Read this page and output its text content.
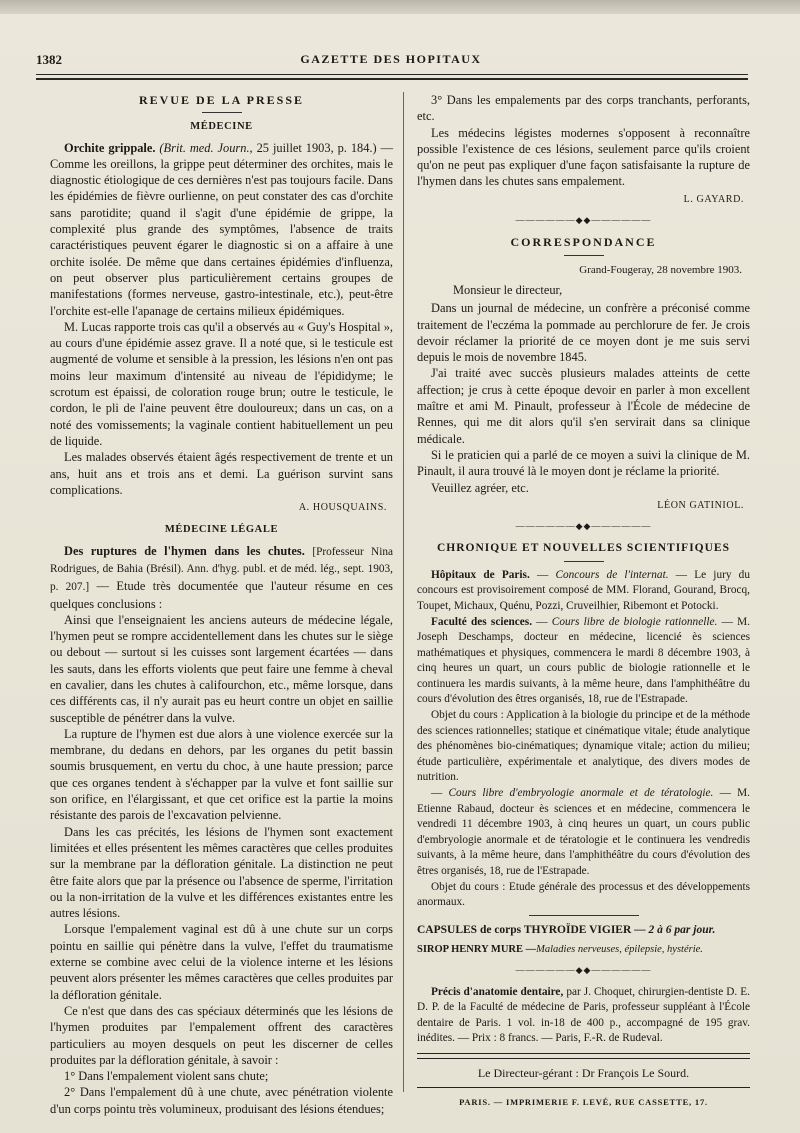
1382	GAZETTE DES HOPITAUX
REVUE DE LA PRESSE
MÉDECINE

Orchite grippale. (Brit. med. Journ., 25 juillet 1903, p. 184.) — Comme les oreillons, la grippe peut déterminer des orchites, mais le diagnostic étiologique de ces dernières n'est pas toujours facile. Dans les épidémies de fièvre ourlienne, on peut constater des cas d'orchite sans parotidite; quand il s'agit d'une épidémie de grippe, la complexité plus grande des symptômes, l'absence de traits caractéristiques peuvent égarer le diagnostic si on a affaire à une orchite isolée. De même que dans certaines épidémies d'influenza, on peut observer plus particulièrement certains groupes de manifestations (formes nerveuse, gastro-intestinale, etc.), peut-être l'orchite est-elle l'apanage de certains milieux épidémiques.

M. Lucas rapporte trois cas qu'il a observés au « Guy's Hospital », au cours d'une épidémie assez grave. Il a noté que, si le testicule est augmenté de volume et sensible à la pression, les lésions n'en ont pas moins leur maximum d'intensité au niveau de l'épididyme; le scrotum est épaissi, de coloration rouge brun; outre le testicule, le cordon, le pli de l'aine peuvent être douloureux; dans un cas, on a noté des vomissements; la vaginale contient habituellement un peu de liquide.

Les malades observés étaient âgés respectivement de trente et un ans, huit ans et trois ans et demi. La guérison survint sans complications.

A. HOUSQUAINS.
MÉDECINE LÉGALE

Des ruptures de l'hymen dans les chutes. [Professeur Nina Rodrigues, de Bahia (Brésil). Ann. d'hyg. publ. et de méd. lég., sept. 1903, p. 207.] — Etude très documentée que l'auteur résume en ces quelques conclusions :

Ainsi que l'enseignaient les anciens auteurs de médecine légale, l'hymen peut se rompre accidentellement dans les chutes sur le siège ou debout — surtout si les cuisses sont largement écartées — dans les sauts, dans les efforts violents que peut faire une femme à cheval en cavalier, dans les chutes à califourchon, etc., même lorsque, dans ces différents cas, il n'y aurait pas eu heurt contre un objet en saillie susceptible de pénétrer dans la vulve.

La rupture de l'hymen est due alors à une violence exercée sur la membrane, du dedans en dehors, par les organes du petit bassin soumis brusquement, en vertu du choc, à une haute pression; parce que ces organes tendent à s'échapper par la vulve et font saillie sur son orifice, en l'élargissant, et que cet orifice est la partie la moins résistante des parois de l'excavation pelvienne.

Dans les cas précités, les lésions de l'hymen sont exactement limitées et elles présentent les mêmes caractères que celles produites sur la membrane par la défloration génitale. La distinction ne peut être faite alors que par la présence ou l'absence de sperme, l'irritation ou la non-irritation de la vulve et les différences existantes entre les autres lésions.

Lorsque l'empalement vaginal est dû à une chute sur un corps pointu en saillie qui pénètre dans la vulve, l'effet du traumatisme externe se combine avec celui de la violence interne et les lésions peuvent alors présenter les mêmes caractères que celles produites par la défloration génitale.

Ce n'est que dans des cas spéciaux déterminés que les lésions de l'hymen produites par l'empalement offrent des caractères particuliers au moyen desquels on peut les discerner de celles produites par la défloration génitale, à savoir :

1° Dans l'empalement violent sans chute;

2° Dans l'empalement dû à une chute, avec pénétration violente d'un corps pointu très volumineux, produisant des lésions étendues;

3° Dans les empalements par des corps tranchants, perforants, etc.

Les médecins légistes modernes s'opposent à reconnaître possible l'existence de ces lésions, seulement parce qu'ils croient qu'on ne peut pas expliquer d'une façon satisfaisante la rupture de l'hymen dans les chutes sans empalement.

L. GAYARD.
——————◆◆——————
CORRESPONDANCE
Grand-Fougeray, 28 novembre 1903.

Monsieur le directeur,

Dans un journal de médecine, un confrère a préconisé comme traitement de l'eczéma la pommade au perchlorure de fer. Je crois devoir réclamer la priorité de ce moyen dont je me suis servi depuis le mois de novembre 1845.

J'ai traité avec succès plusieurs malades atteints de cette affection; je crus à cette époque devoir en parler à mon excellent maître et ami M. Pinault, professeur à l'École de médecine de Rennes, qui me dit alors qu'il s'en servirait dans sa clinique médicale.

Si le praticien qui a parlé de ce moyen a suivi la clinique de M. Pinault, il aura trouvé là le moyen dont je réclame la priorité.

Veuillez agréer, etc.

LÉON GATINIOL.
——————◆◆——————
CHRONIQUE ET NOUVELLES SCIENTIFIQUES

Hôpitaux de Paris. — Concours de l'internat. — Le jury du concours est provisoirement composé de MM. Florand, Gourand, Brocq, Toupet, Michaux, Quénu, Pozzi, Cruveilhier, Ribemont et Potocki.

Faculté des sciences. — Cours libre de biologie rationnelle. — M. Joseph Deschamps, docteur en médecine, licencié ès sciences mathématiques et physiques, commencera le mardi 8 décembre 1903, à cinq heures un quart, un cours public de biologie rationnelle et le continuera les mardis suivants, à la même heure, dans l'amphithéâtre du cours d'évolution des êtres organisés, 18, rue de l'Estrapade.

Objet du cours : Application à la biologie du principe et de la méthode des sciences rationnelles; statique et cinématique vitale; étude analytique des phénomènes bio-cinématiques; dynamique vitale; action du milieu; étude particulière, expérimentale et analytique, des divers modes de nutrition.

— Cours libre d'embryologie anormale et de tératologie. — M. Etienne Rabaud, docteur ès sciences et en médecine, commencera le vendredi 11 décembre 1903, à cinq heures un quart, un cours public d'embryologie anormale et de tératologie et le continuera les vendredis suivants, à la même heure, dans l'amphithéâtre du cours d'évolution des êtres organisés, 18, rue de l'Estrapade.

Objet du cours : Etude générale des processus et des développements anormaux.

CAPSULES de corps THYROÏDE VIGIER — 2 à 6 par jour.

SIROP HENRY MURE —Maladies nerveuses, épilepsie, hystérie.

——————◆◆——————

Précis d'anatomie dentaire, par J. Choquet, chirurgien-dentiste D. E. D. P. de la Faculté de médecine de Paris, professeur suppléant à l'École dentaire de Paris. 1 vol. in-18 de 400 p., accompagné de 195 grav. inédites. — Prix : 8 francs. — Paris, F.-R. de Rudeval.

Le Directeur-gérant : Dr François Le Sourd.
PARIS. — IMPRIMERIE F. LEVÉ, RUE CASSETTE, 17.
